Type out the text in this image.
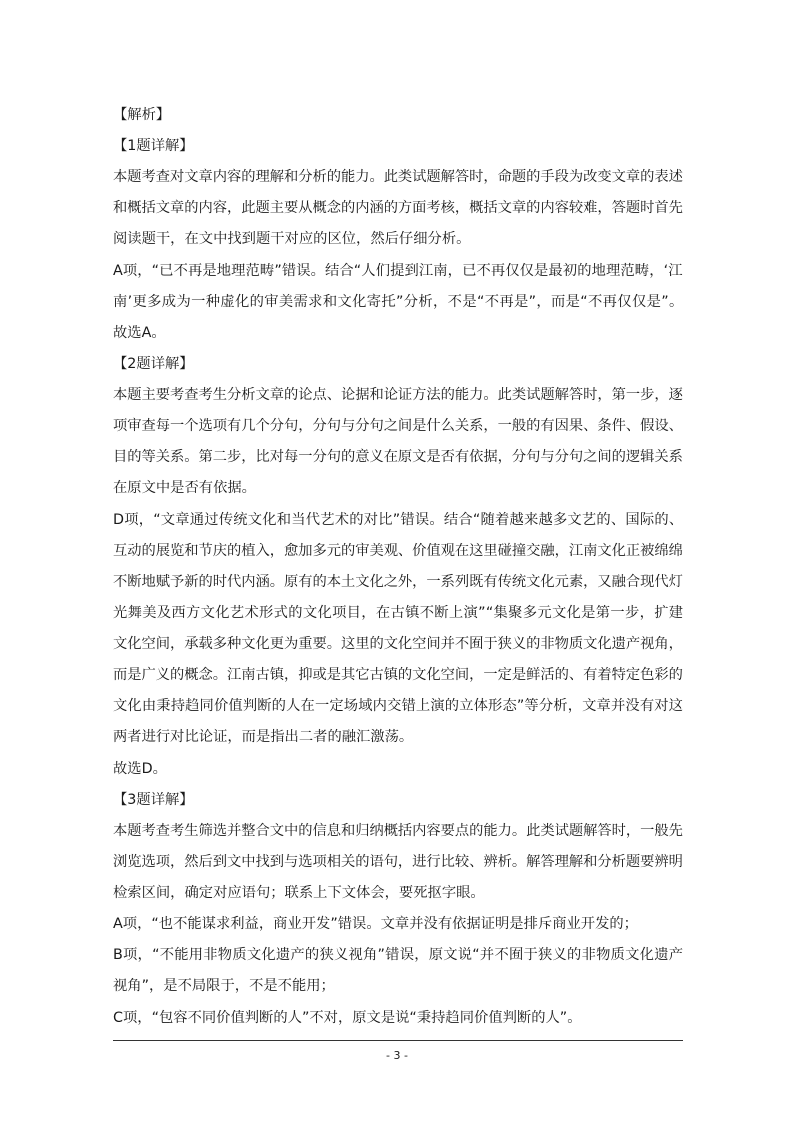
【解析】
【1题详解】
本题考查对文章内容的理解和分析的能力。此类试题解答时，命题的手段为改变文章的表述
和概括文章的内容，此题主要从概念的内涵的方面考核，概括文章的内容较难，答题时首先
阅读题干，在文中找到题干对应的区位，然后仔细分析。
A项，“已不再是地理范畴”错误。结合“人们提到江南，已不再仅仅是最初的地理范畴，‘江
南’更多成为一种虚化的审美需求和文化寄托”分析，不是“不再是”，而是“不再仅仅是”。
故选A。
【2题详解】
本题主要考查考生分析文章的论点、论据和论证方法的能力。此类试题解答时，第一步，逐
项审查每一个选项有几个分句，分句与分句之间是什么关系，一般的有因果、条件、假设、
目的等关系。第二步，比对每一分句的意义在原文是否有依据，分句与分句之间的逻辑关系
在原文中是否有依据。
D项，“文章通过传统文化和当代艺术的对比”错误。结合“随着越来越多文艺的、国际的、
互动的展览和节庆的植入，愈加多元的审美观、价值观在这里碰撞交融，江南文化正被绵绵
不断地赋予新的时代内涵。原有的本土文化之外，一系列既有传统文化元素，又融合现代灯
光舞美及西方文化艺术形式的文化项目，在古镇不断上演”“集聚多元文化是第一步，扩建
文化空间，承载多种文化更为重要。这里的文化空间并不囿于狭义的非物质文化遗产视角，
而是广义的概念。江南古镇，抑或是其它古镇的文化空间，一定是鲜活的、有着特定色彩的
文化由秉持趋同价值判断的人在一定场域内交错上演的立体形态”等分析，文章并没有对这
两者进行对比论证，而是指出二者的融汇激荡。
故选D。
【3题详解】
本题考查考生筛选并整合文中的信息和归纳概括内容要点的能力。此类试题解答时，一般先
浏览选项，然后到文中找到与选项相关的语句，进行比较、辨析。解答理解和分析题要辨明
检索区间，确定对应语句；联系上下文体会，要死抠字眼。
A项，“也不能谋求利益，商业开发”错误。文章并没有依据证明是排斥商业开发的；
B项，“不能用非物质文化遗产的狭义视角”错误，原文说“并不囿于狭义的非物质文化遗产
视角”，是不局限于，不是不能用；
C项，“包容不同价值判断的人”不对，原文是说“秉持趋同价值判断的人”。
- 3 -
